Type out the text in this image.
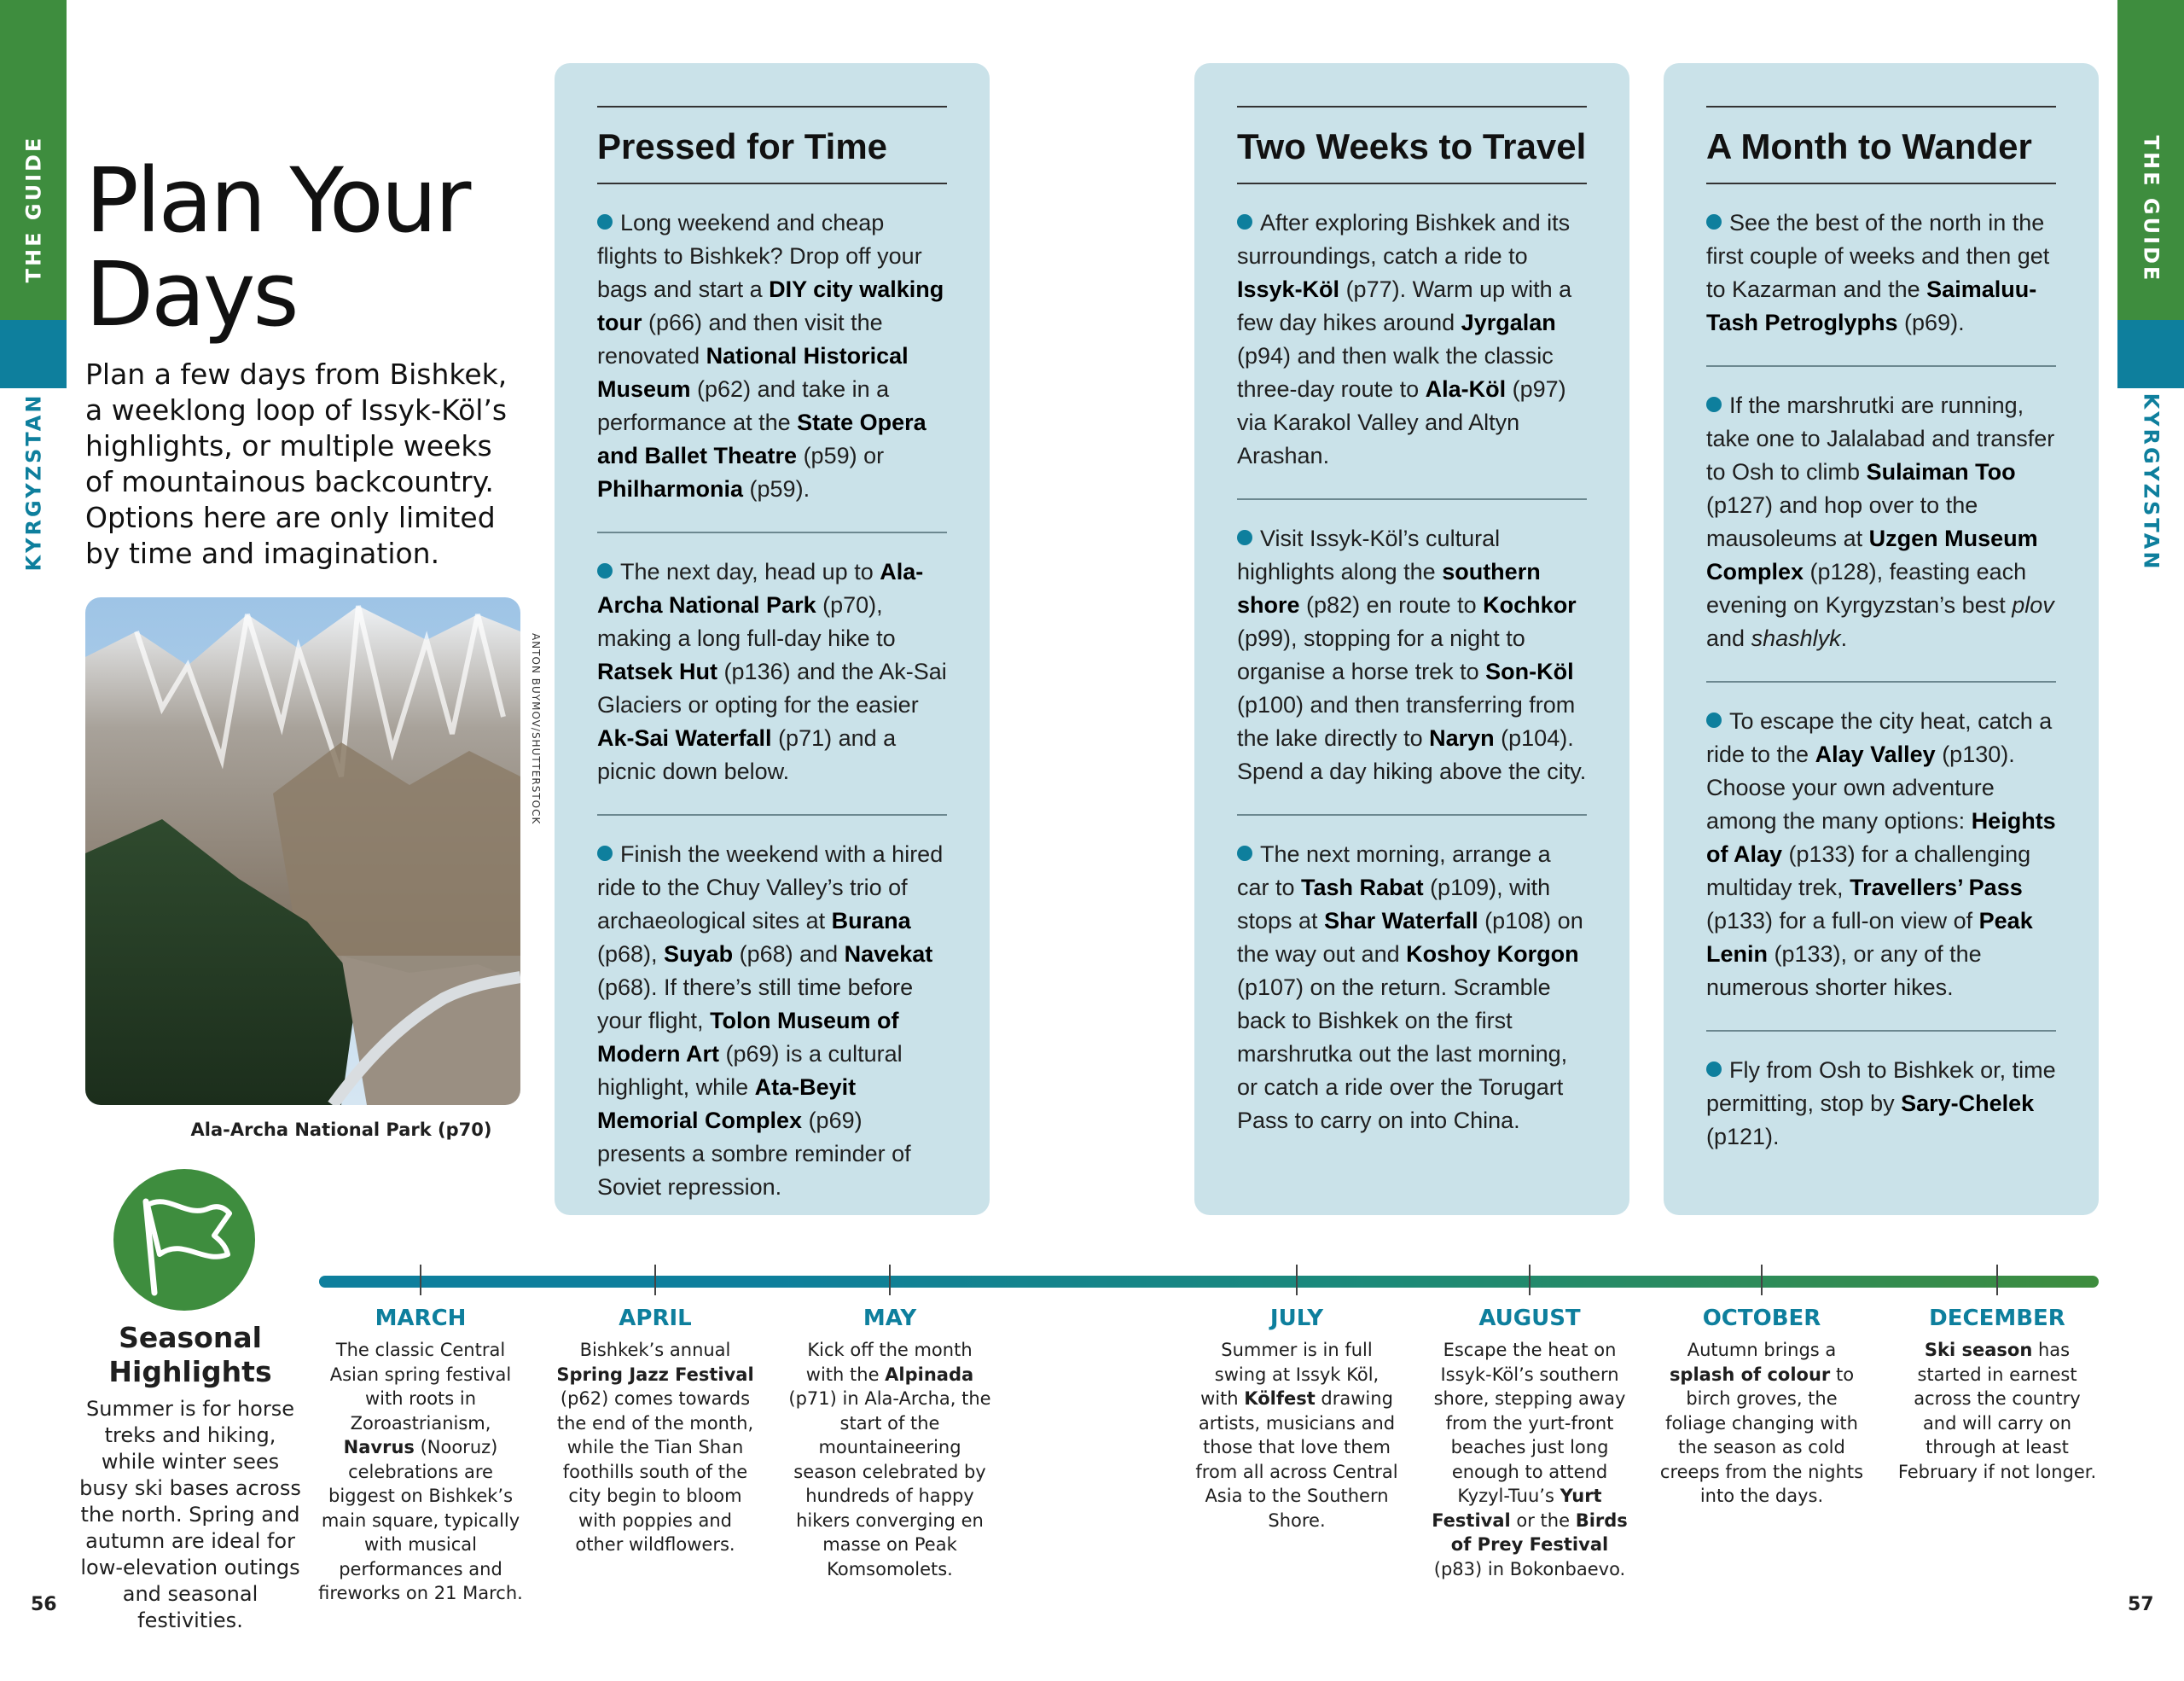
THE GUIDE
KYRGYZSTAN
THE GUIDE
KYRGYZSTAN
56	57
Plan Your
Days

Plan a few days from Bishkek, a weeklong loop of Issyk-Köl’s highlights, or multiple weeks of mountainous backcountry. Options here are only limited by time and imagination.

ANTON BUYMOV/SHUTTERSTOCK
Ala-Archa National Park (p70)
Pressed for Time

Long weekend and cheap flights to Bishkek? Drop off your bags and start a DIY city walking tour (p66) and then visit the renovated National Historical Museum (p62) and take in a performance at the State Opera and Ballet Theatre (p59) or Philharmonia (p59).

The next day, head up to Ala-Archa National Park (p70), making a long full-day hike to Ratsek Hut (p136) and the Ak-Sai Glaciers or opting for the easier Ak-Sai Waterfall (p71) and a picnic down below.

Finish the weekend with a hired ride to the Chuy Valley’s trio of archaeological sites at Burana (p68), Suyab (p68) and Navekat (p68). If there’s still time before your flight, Tolon Museum of Modern Art (p69) is a cultural highlight, while Ata-Beyit Memorial Complex (p69) presents a sombre reminder of Soviet repression.

Two Weeks to Travel

After exploring Bishkek and its surroundings, catch a ride to Issyk-Köl (p77). Warm up with a few day hikes around Jyrgalan (p94) and then walk the classic three-day route to Ala-Köl (p97) via Karakol Valley and Altyn Arashan.

Visit Issyk-Köl’s cultural highlights along the southern shore (p82) en route to Kochkor (p99), stopping for a night to organise a horse trek to Son-Köl (p100) and then transferring from the lake directly to Naryn (p104). Spend a day hiking above the city.

The next morning, arrange a car to Tash Rabat (p109), with stops at Shar Waterfall (p108) on the way out and Koshoy Korgon (p107) on the return. Scramble back to Bishkek on the first marshrutka out the last morning, or catch a ride over the Torugart Pass to carry on into China.

A Month to Wander

See the best of the north in the first couple of weeks and then get to Kazarman and the Saimaluu-Tash Petroglyphs (p69).

If the marshrutki are running, take one to Jalalabad and transfer to Osh to climb Sulaiman Too (p127) and hop over to the mausoleums at Uzgen Museum Complex (p128), feasting each evening on Kyrgyzstan’s best plov and shashlyk.

To escape the city heat, catch a ride to the Alay Valley (p130). Choose your own adventure among the many options: Heights of Alay (p133) for a challenging multiday trek, Travellers’ Pass (p133) for a full-on view of Peak Lenin (p133), or any of the numerous shorter hikes.

Fly from Osh to Bishkek or, time permitting, stop by Sary-Chelek (p121).

Seasonal Highlights

Summer is for horse treks and hiking, while winter sees busy ski bases across the north. Spring and autumn are ideal for low-elevation outings and seasonal festivities.

MARCH

The classic Central Asian spring festival with roots in Zoroastrianism, Navrus (Nooruz) celebrations are biggest on Bishkek’s main square, typically with musical performances and fireworks on 21 March.

APRIL

Bishkek’s annual Spring Jazz Festival (p62) comes towards the end of the month, while the Tian Shan foothills south of the city begin to bloom with poppies and other wildflowers.

MAY

Kick off the month with the Alpinada (p71) in Ala-Archa, the start of the mountaineering season celebrated by hundreds of happy hikers converging en masse on Peak Komsomolets.

JULY

Summer is in full swing at Issyk Köl, with Kölfest drawing artists, musicians and those that love them from all across Central Asia to the Southern Shore.

AUGUST

Escape the heat on Issyk-Köl’s southern shore, stepping away from the yurt-front beaches just long enough to attend Kyzyl-Tuu’s Yurt Festival or the Birds of Prey Festival (p83) in Bokonbaevo.

OCTOBER

Autumn brings a splash of colour to birch groves, the foliage changing with the season as cold creeps from the nights into the days.

DECEMBER

Ski season has started in earnest across the country and will carry on through at least February if not longer.
